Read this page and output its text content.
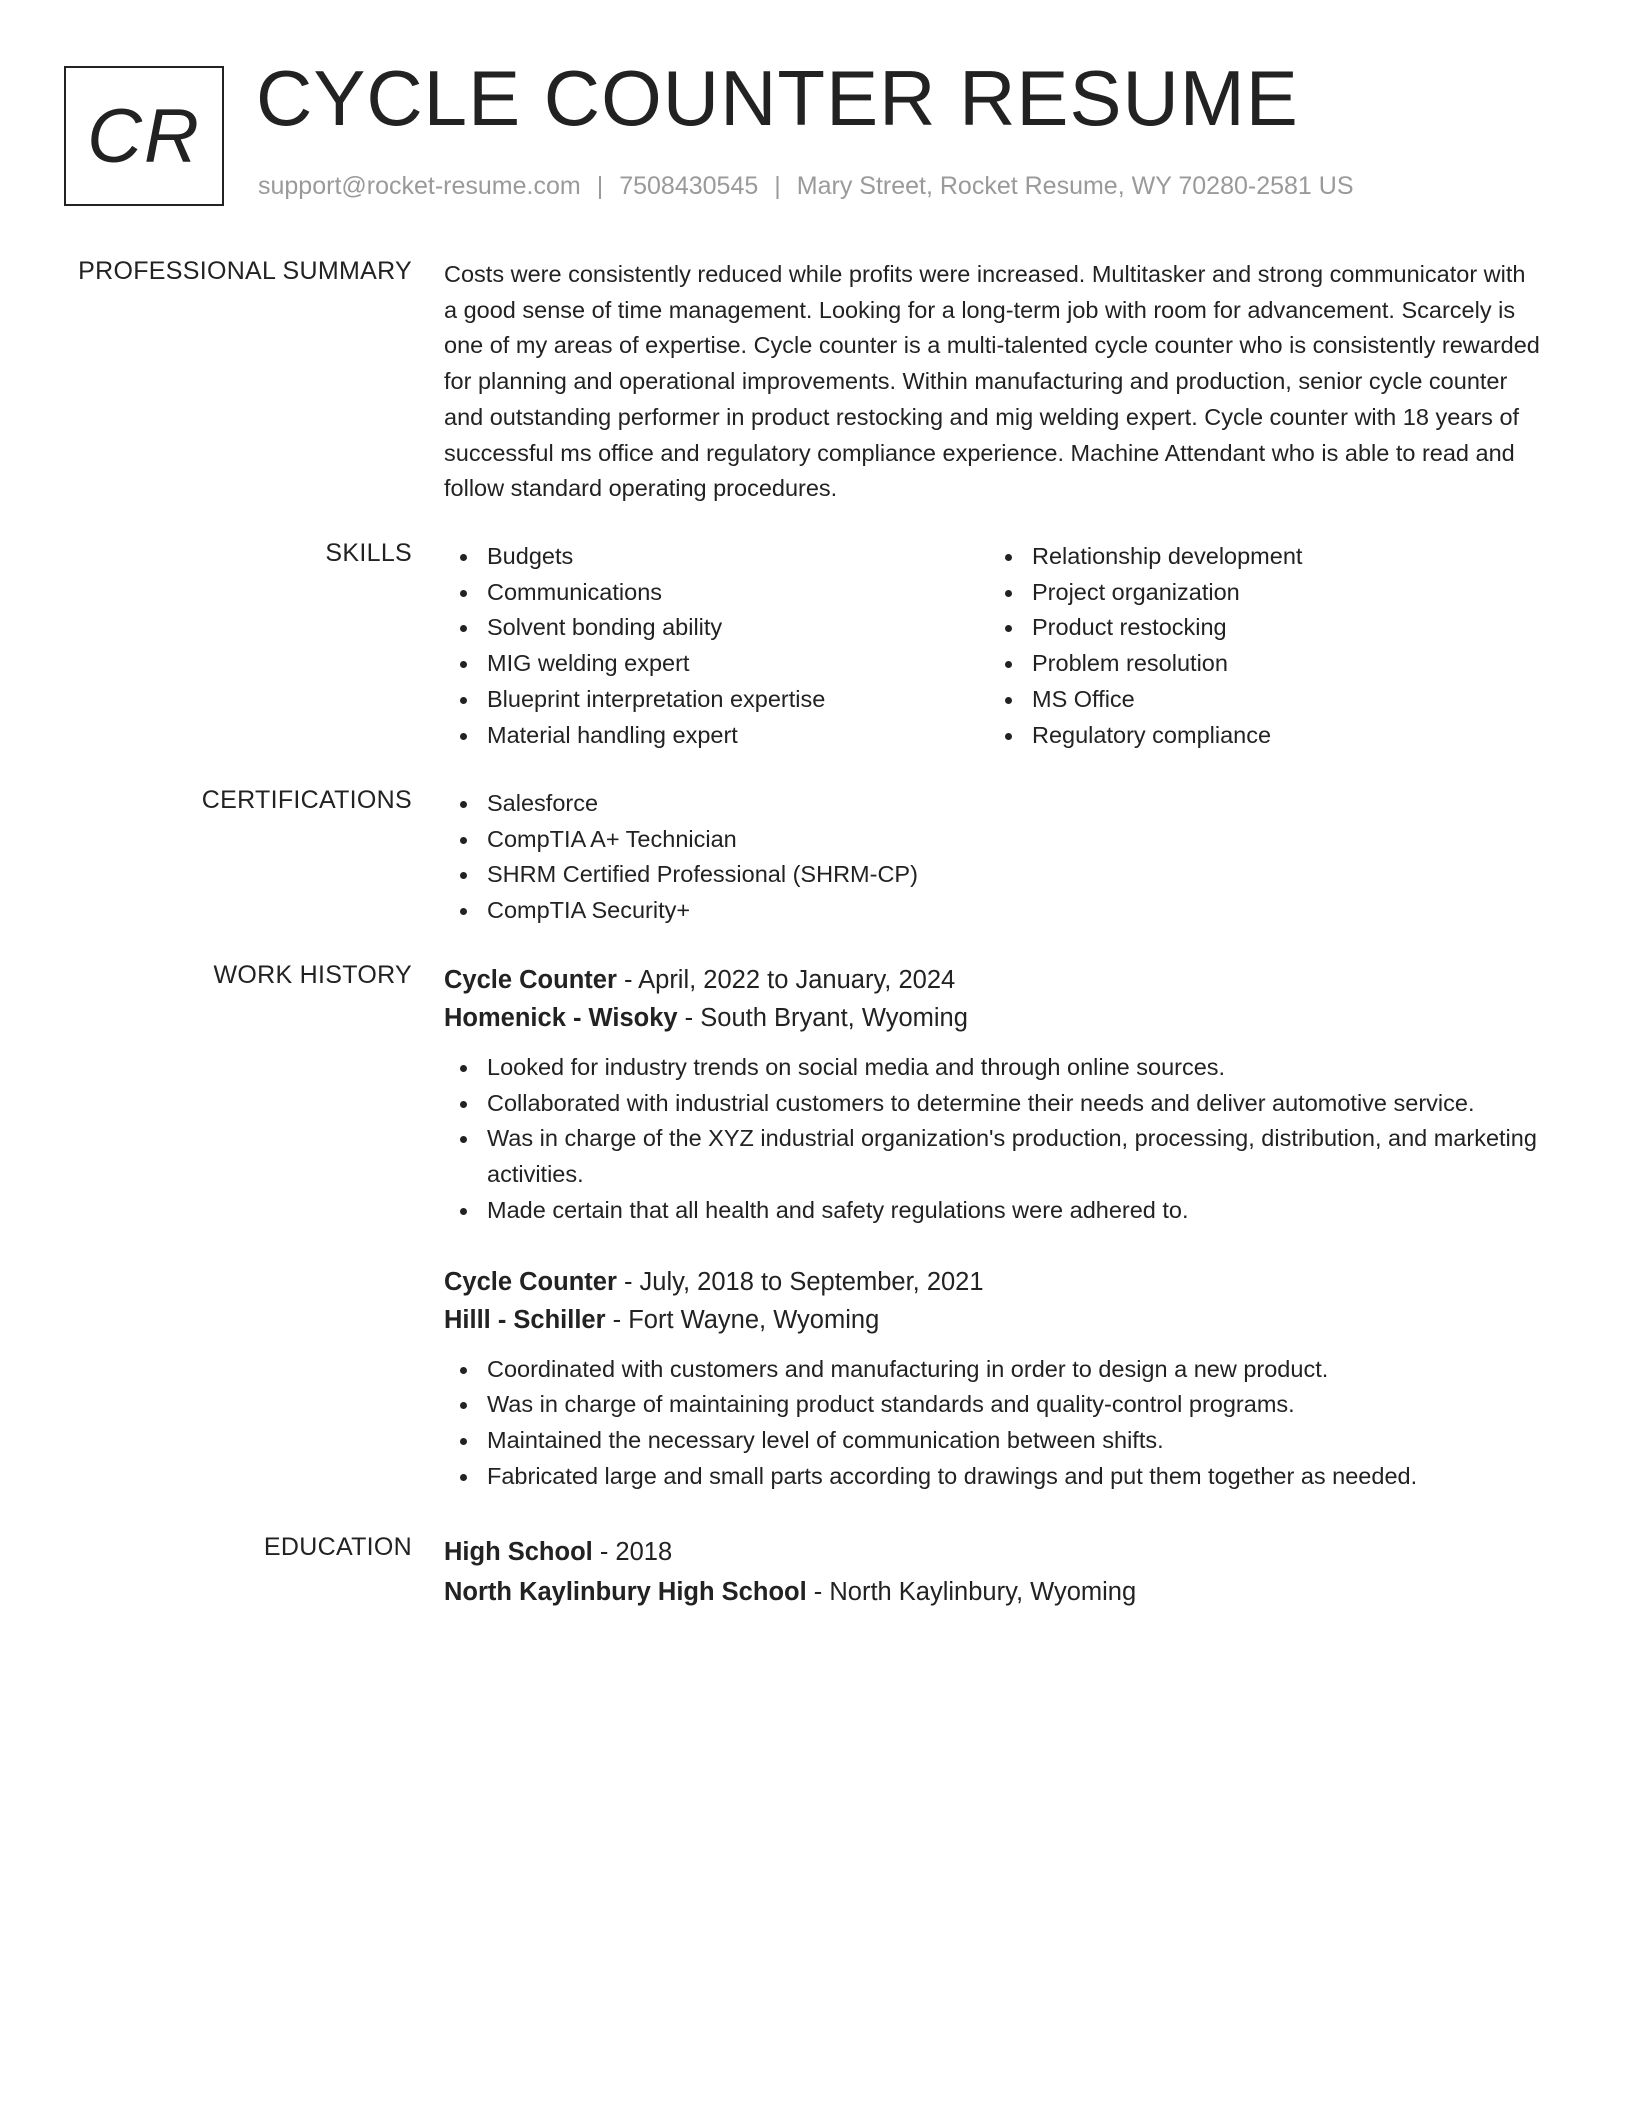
CR CYCLE COUNTER RESUME
support@rocket-resume.com | 7508430545 | Mary Street, Rocket Resume, WY 70280-2581 US
PROFESSIONAL SUMMARY Costs were consistently reduced while profits were increased. Multitasker and strong communicator with a good sense of time management. Looking for a long-term job with room for advancement. Scarcely is one of my areas of expertise. Cycle counter is a multi-talented cycle counter who is consistently rewarded for planning and operational improvements. Within manufacturing and production, senior cycle counter and outstanding performer in product restocking and mig welding expert. Cycle counter with 18 years of successful ms office and regulatory compliance experience. Machine Attendant who is able to read and follow standard operating procedures.

SKILLS	Budgets
Communications
Solvent bonding ability
MIG welding expert
Blueprint interpretation expertise
Material handling expert
Relationship development
Project organization
Product restocking
Problem resolution
MS Office
Regulatory compliance
CERTIFICATIONS	Salesforce
CompTIA A+ Technician
SHRM Certified Professional (SHRM-CP)
CompTIA Security+
WORK HISTORY Cycle Counter - April, 2022 to January, 2024
Homenick - Wisoky - South Bryant, Wyoming
Looked for industry trends on social media and through online sources.
Collaborated with industrial customers to determine their needs and deliver automotive service.
Was in charge of the XYZ industrial organization's production, processing, distribution, and marketing activities.
Made certain that all health and safety regulations were adhered to.
Cycle Counter - July, 2018 to September, 2021
Hilll - Schiller - Fort Wayne, Wyoming
Coordinated with customers and manufacturing in order to design a new product.
Was in charge of maintaining product standards and quality-control programs.
Maintained the necessary level of communication between shifts.
Fabricated large and small parts according to drawings and put them together as needed.
EDUCATION High School - 2018
North Kaylinbury High School - North Kaylinbury, Wyoming
